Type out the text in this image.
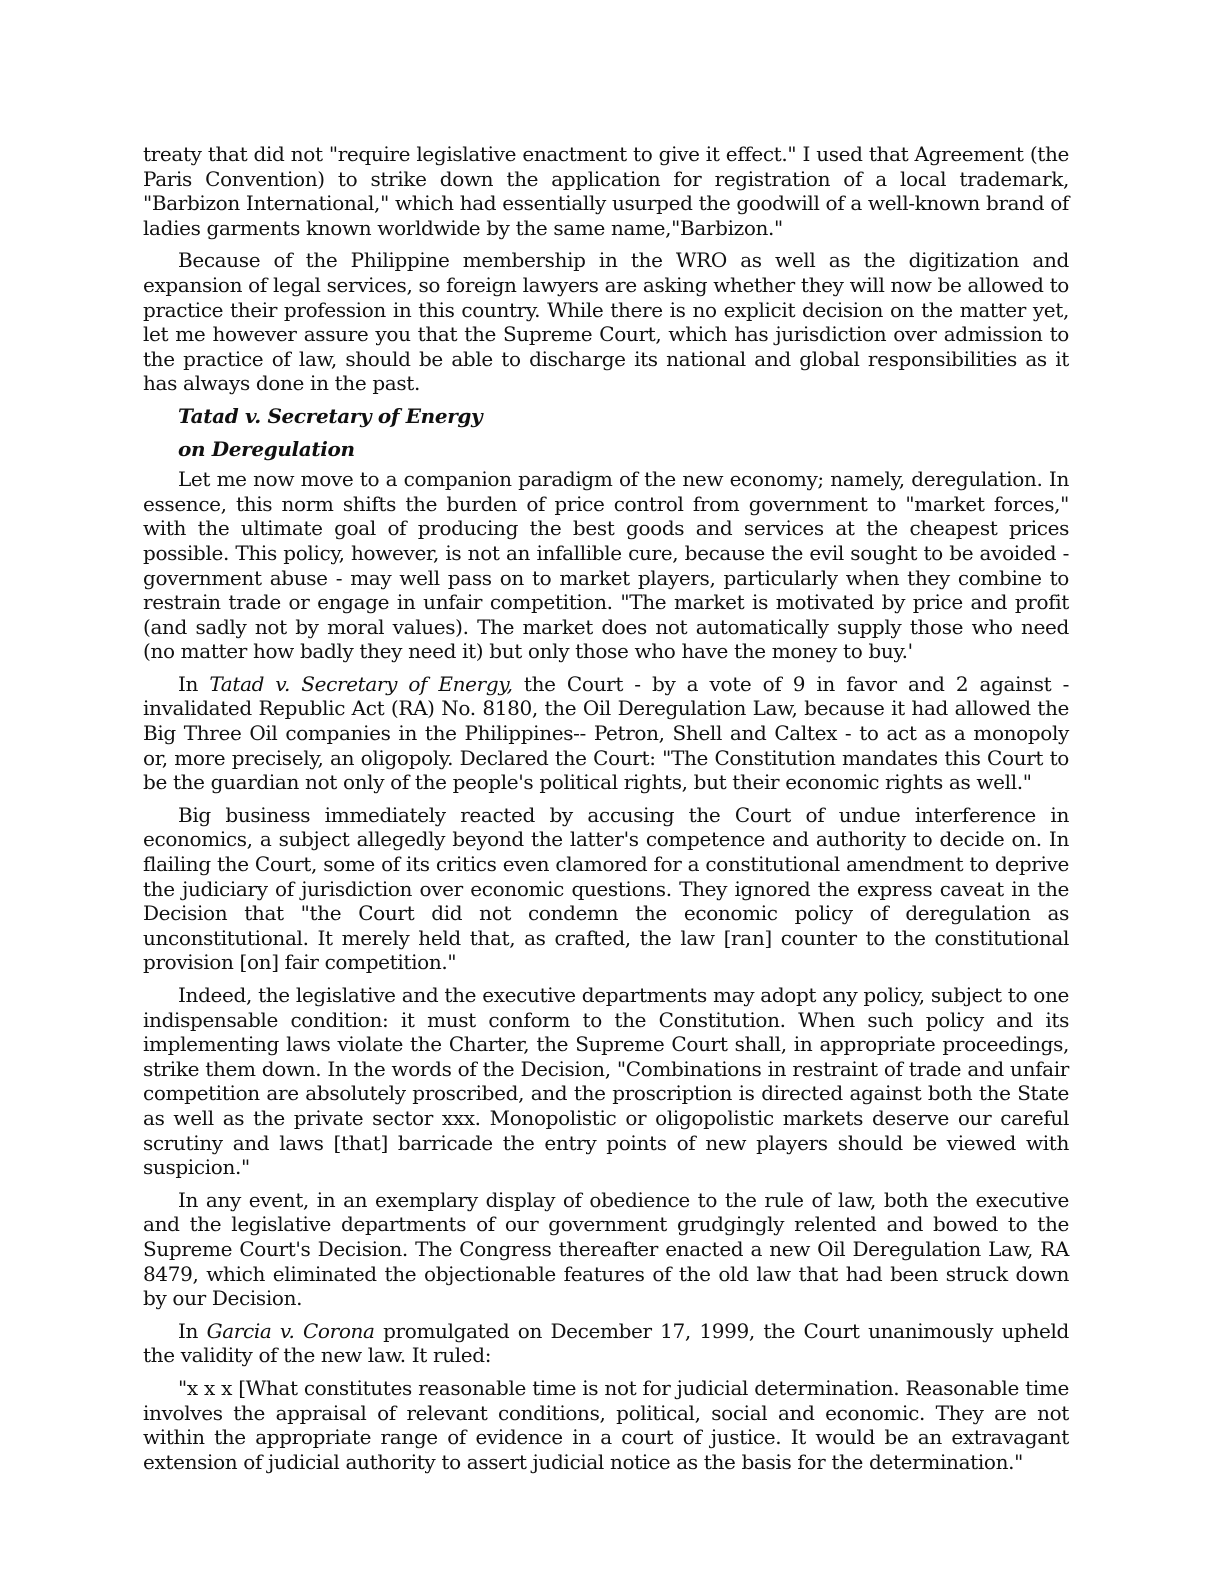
treaty that did not "require legislative enactment to give it effect." I used that Agreement (the Paris Convention) to strike down the application for registration of a local trademark, "Barbizon International," which had essentially usurped the goodwill of a well-known brand of ladies garments known worldwide by the same name,"Barbizon."

Because of the Philippine membership in the WRO as well as the digitization and expansion of legal services, so foreign lawyers are asking whether they will now be allowed to practice their profession in this country. While there is no explicit decision on the matter yet, let me however assure you that the Supreme Court, which has jurisdiction over admission to the practice of law, should be able to discharge its national and global responsibilities as it has always done in the past.

Tatad v. Secretary of Energy
on Deregulation

Let me now move to a companion paradigm of the new economy; namely, deregulation. In essence, this norm shifts the burden of price control from government to "market forces," with the ultimate goal of producing the best goods and services at the cheapest prices possible. This policy, however, is not an infallible cure, because the evil sought to be avoided - government abuse - may well pass on to market players, particularly when they combine to restrain trade or engage in unfair competition. "The market is motivated by price and profit (and sadly not by moral values). The market does not automatically supply those who need (no matter how badly they need it) but only those who have the money to buy.'

In Tatad v. Secretary of Energy, the Court - by a vote of 9 in favor and 2 against - invalidated Republic Act (RA) No. 8180, the Oil Deregulation Law, because it had allowed the Big Three Oil companies in the Philippines-- Petron, Shell and Caltex - to act as a monopoly or, more precisely, an oligopoly. Declared the Court: "The Constitution mandates this Court to be the guardian not only of the people's political rights, but their economic rights as well."

Big business immediately reacted by accusing the Court of undue interference in economics, a subject allegedly beyond the latter's competence and authority to decide on. In flailing the Court, some of its critics even clamored for a constitutional amendment to deprive the judiciary of jurisdiction over economic questions. They ignored the express caveat in the Decision that "the Court did not condemn the economic policy of deregulation as unconstitutional. It merely held that, as crafted, the law [ran] counter to the constitutional provision [on] fair competition."

Indeed, the legislative and the executive departments may adopt any policy, subject to one indispensable condition: it must conform to the Constitution. When such policy and its implementing laws violate the Charter, the Supreme Court shall, in appropriate proceedings, strike them down. In the words of the Decision, "Combinations in restraint of trade and unfair competition are absolutely proscribed, and the proscription is directed against both the State as well as the private sector xxx. Monopolistic or oligopolistic markets deserve our careful scrutiny and laws [that] barricade the entry points of new players should be viewed with suspicion."

In any event, in an exemplary display of obedience to the rule of law, both the executive and the legislative departments of our government grudgingly relented and bowed to the Supreme Court's Decision. The Congress thereafter enacted a new Oil Deregulation Law, RA 8479, which eliminated the objectionable features of the old law that had been struck down by our Decision.

In Garcia v. Corona promulgated on December 17, 1999, the Court unanimously upheld the validity of the new law. It ruled:

"x x x [What constitutes reasonable time is not for judicial determination. Reasonable time involves the appraisal of relevant conditions, political, social and economic. They are not within the appropriate range of evidence in a court of justice. It would be an extravagant extension of judicial authority to assert judicial notice as the basis for the determination."
